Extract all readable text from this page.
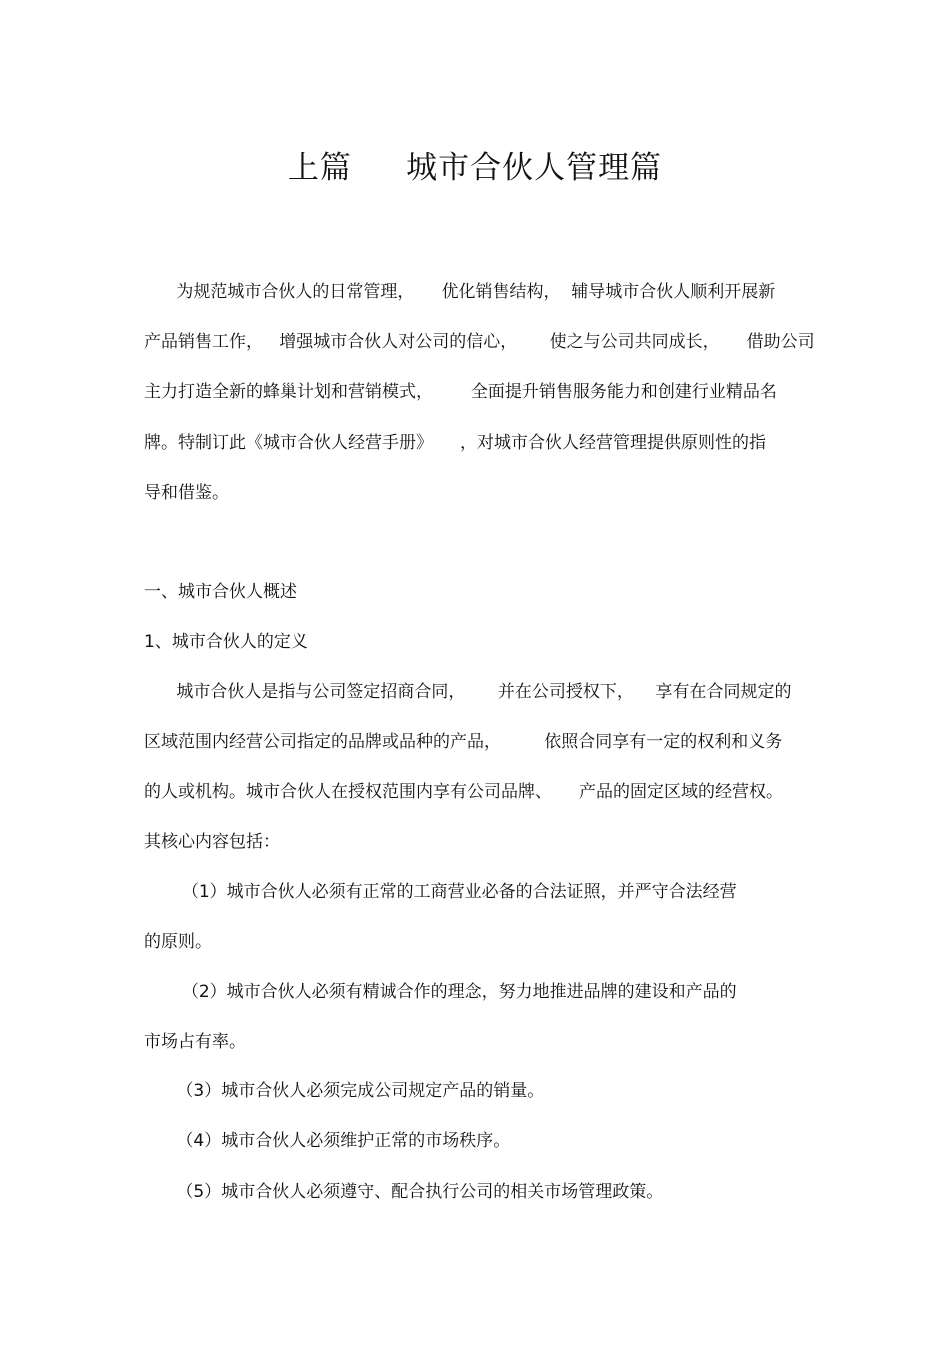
上篇     城市合伙人管理篇
为规范城市合伙人的日常管理，     优化销售结构，  辅导城市合伙人顺利开展新
产品销售工作，   增强城市合伙人对公司的信心，      使之与公司共同成长，     借助公司
主力打造全新的蜂巢计划和营销模式，       全面提升销售服务能力和创建行业精品名
牌。特制订此《城市合伙人经营手册》     ，对城市合伙人经营管理提供原则性的指
导和借鉴。
一、城市合伙人概述
1、城市合伙人的定义
城市合伙人是指与公司签定招商合同，      并在公司授权下，    享有在合同规定的
区域范围内经营公司指定的品牌或品种的产品，        依照合同享有一定的权利和义务
的人或机构。城市合伙人在授权范围内享有公司品牌、     产品的固定区域的经营权。
其核心内容包括：
（1）城市合伙人必须有正常的工商营业必备的合法证照，并严守合法经营
的原则。
（2）城市合伙人必须有精诚合作的理念，努力地推进品牌的建设和产品的
市场占有率。
（3）城市合伙人必须完成公司规定产品的销量。
（4）城市合伙人必须维护正常的市场秩序。
（5）城市合伙人必须遵守、配合执行公司的相关市场管理政策。
